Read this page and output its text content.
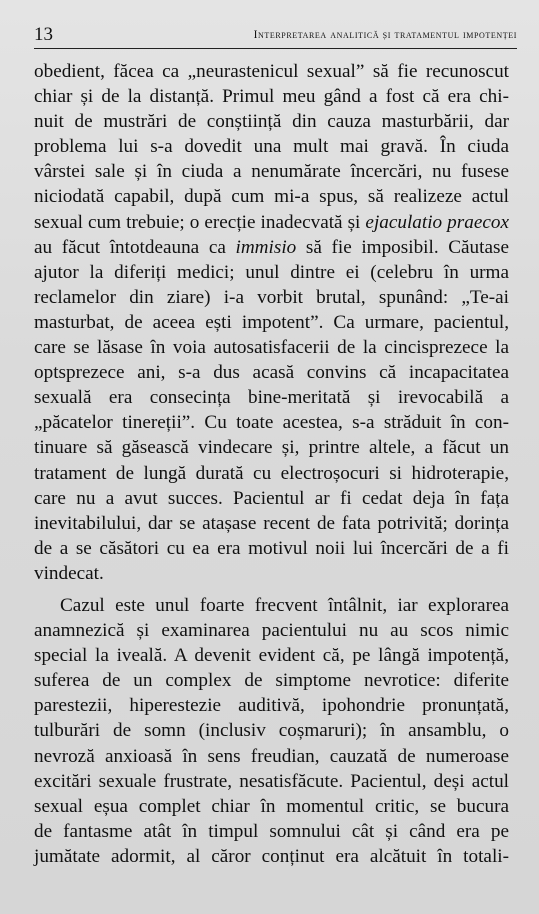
13	Interpretarea analitică și tratamentul impotenței
obedient, făcea ca „neurastenicul sexual” să fie recunoscut
chiar și de la distanță. Primul meu gând a fost că era chi-
nuit de mustrări de conștiință din cauza masturbării, dar
problema lui s-a dovedit una mult mai gravă. În ciuda
vârstei sale și în ciuda a nenumărate încercări, nu fusese
niciodată capabil, după cum mi-a spus, să realizeze actul
sexual cum trebuie; o erecție inadecvată și ejaculatio praecox
au făcut întotdeauna ca immisio să fie imposibil. Căutase
ajutor la diferiți medici; unul dintre ei (celebru în urma
reclamelor din ziare) i-a vorbit brutal, spunând: „Te-ai
masturbat, de aceea ești impotent”. Ca urmare, pacientul,
care se lăsase în voia autosatisfacerii de la cincisprezece la
optsprezece ani, s-a dus acasă convins că incapacitatea
sexuală era consecința bine-meritată și irevocabilă a
„păcatelor tinereții”. Cu toate acestea, s-a străduit în con-
tinuare să găsească vindecare și, printre altele, a făcut un
tratament de lungă durată cu electroșocuri si hidroterapie,
care nu a avut succes. Pacientul ar fi cedat deja în fața
inevitabilului, dar se atașase recent de fata potrivită; dorința
de a se căsători cu ea era motivul noii lui încercări de a fi
vindecat.
Cazul este unul foarte frecvent întâlnit, iar explorarea
anamnezică și examinarea pacientului nu au scos nimic
special la iveală. A devenit evident că, pe lângă impotență,
suferea de un complex de simptome nevrotice: diferite
parestezii, hiperestezie auditivă, ipohondrie pronunțată,
tulburări de somn (inclusiv coșmaruri); în ansamblu, o
nevroză anxioasă în sens freudian, cauzată de numeroase
excitări sexuale frustrate, nesatisfăcute. Pacientul, deși actul
sexual eșua complet chiar în momentul critic, se bucura
de fantasme atât în timpul somnului cât și când era pe
jumătate adormit, al căror conținut era alcătuit în totali-
